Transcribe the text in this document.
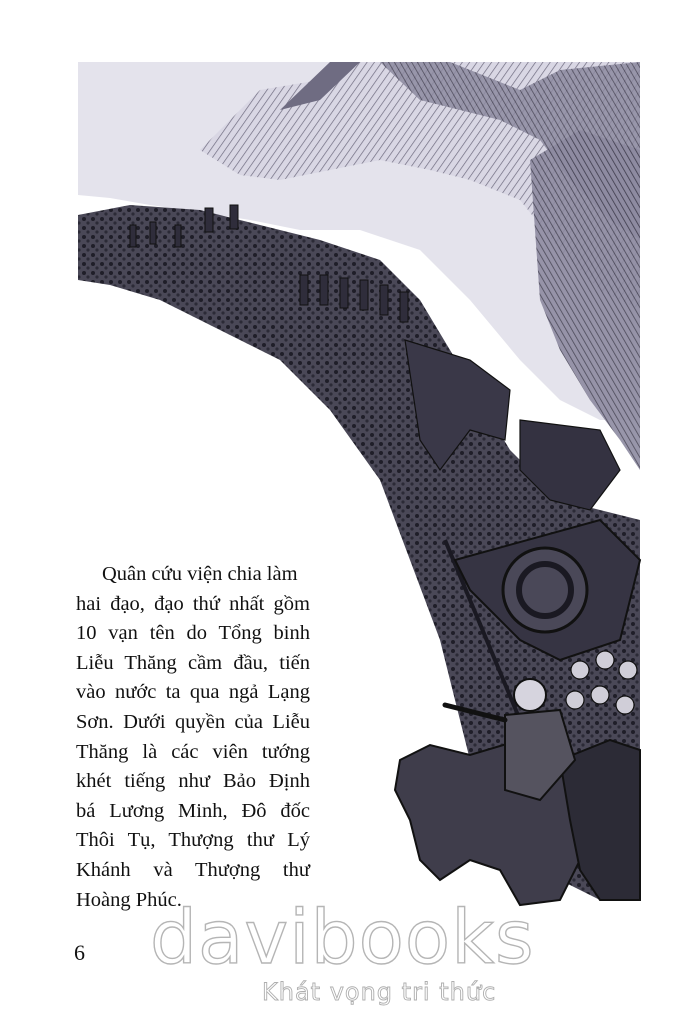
Quân cứu viện chia làm
hai đạo, đạo thứ nhất gồm
10 vạn tên do Tổng binh
Liễu Thăng cầm đầu, tiến
vào nước ta qua ngả Lạng
Sơn. Dưới quyền của Liễu
Thăng là các viên tướng
khét tiếng như Bảo Định
bá Lương Minh, Đô đốc
Thôi Tụ, Thượng thư Lý
Khánh và Thượng thư
Hoàng Phúc.
6 davibooks
Khát vọng tri thức
